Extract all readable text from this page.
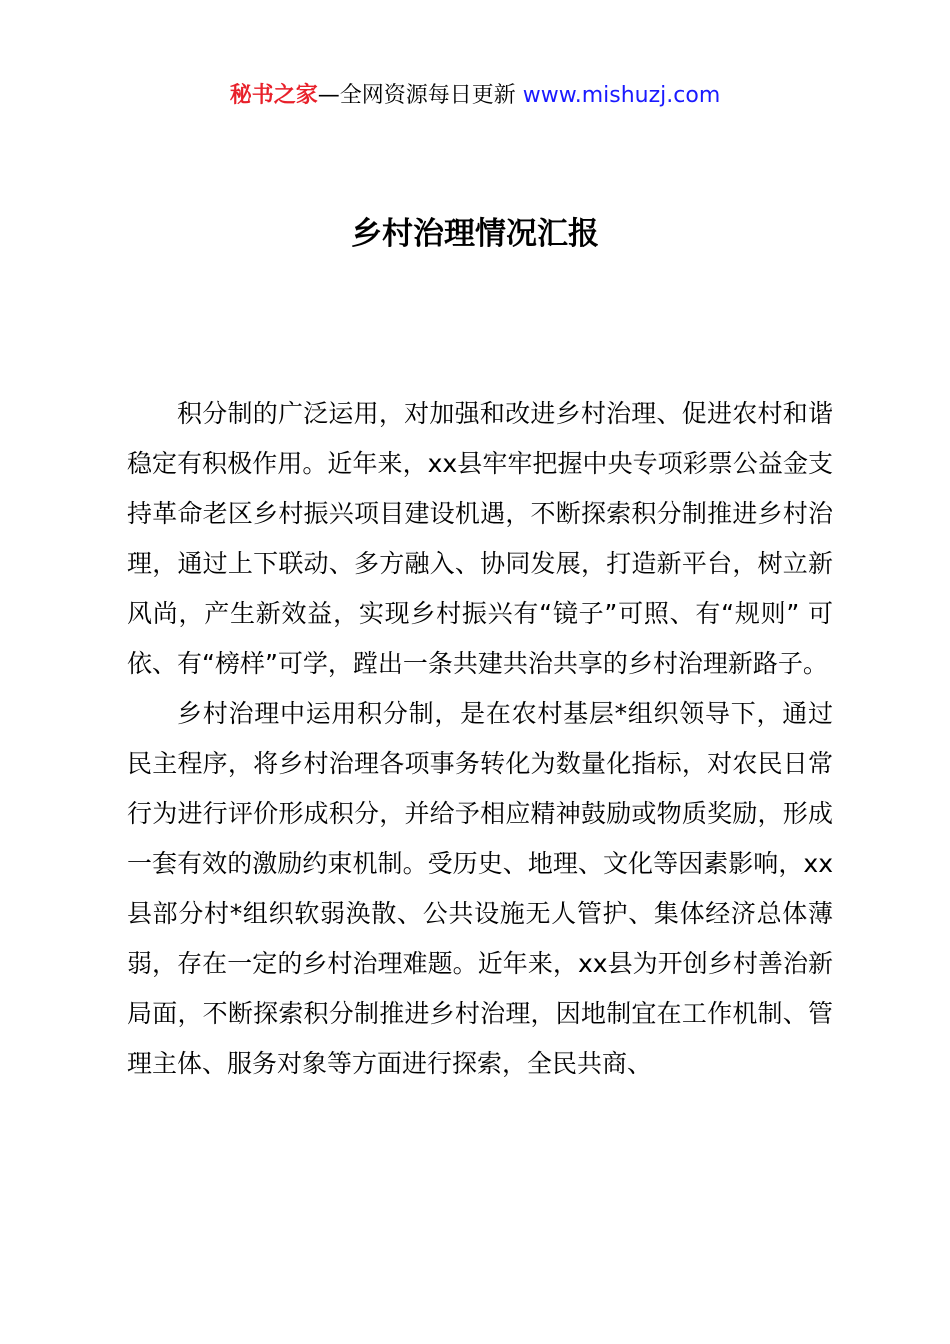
秘书之家—全网资源每日更新 www.mishuzj.com
乡村治理情况汇报

积分制的广泛运用，对加强和改进乡村治理、促进农村和谐稳定有积极作用。近年来，xx县牢牢把握中央专项彩票公益金支持革命老区乡村振兴项目建设机遇，不断探索积分制推进乡村治理，通过上下联动、多方融入、协同发展，打造新平台，树立新风尚，产生新效益，实现乡村振兴有“镜子”可照、有“规则” 可依、有“榜样”可学，蹚出一条共建共治共享的乡村治理新路子。

乡村治理中运用积分制，是在农村基层*组织领导下，通过民主程序，将乡村治理各项事务转化为数量化指标，对农民日常行为进行评价形成积分，并给予相应精神鼓励或物质奖励，形成一套有效的激励约束机制。受历史、地理、文化等因素影响，xx县部分村*组织软弱涣散、公共设施无人管护、集体经济总体薄弱，存在一定的乡村治理难题。近年来，xx县为开创乡村善治新局面，不断探索积分制推进乡村治理，因地制宜在工作机制、管理主体、服务对象等方面进行探索，全民共商、
